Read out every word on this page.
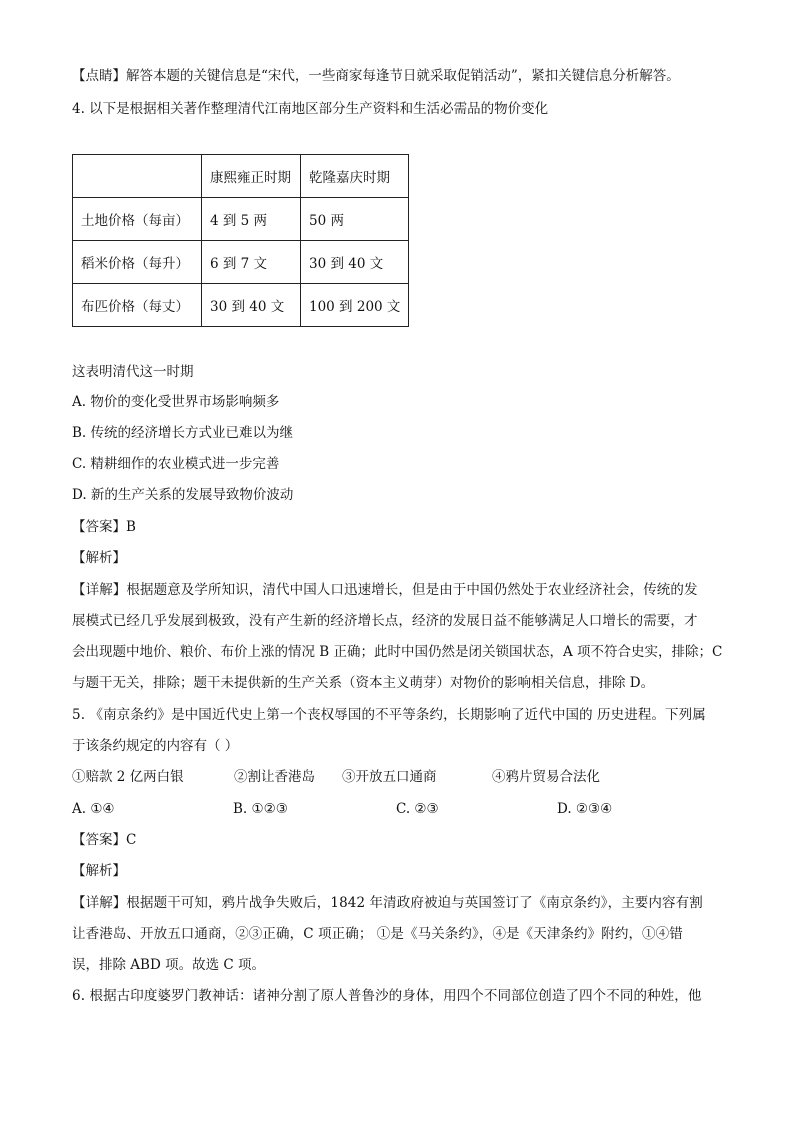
【点睛】解答本题的关键信息是“宋代，一些商家每逢节日就采取促销活动”，紧扣关键信息分析解答。
4. 以下是根据相关著作整理清代江南地区部分生产资料和生活必需品的物价变化
	康熙雍正时期	乾隆嘉庆时期
土地价格（每亩）	4 到 5 两	50 两
稻米价格（每升）	6 到 7 文	30 到 40 文
布匹价格（每丈）	30 到 40 文	100 到 200 文
这表明清代这一时期
A. 物价的变化受世界市场影响频多
B. 传统的经济增长方式业已难以为继
C. 精耕细作的农业模式进一步完善
D. 新的生产关系的发展导致物价波动
【答案】B
【解析】
【详解】根据题意及学所知识，清代中国人口迅速增长，但是由于中国仍然处于农业经济社会，传统的发
展模式已经几乎发展到极致，没有产生新的经济增长点，经济的发展日益不能够满足人口增长的需要，才
会出现题中地价、粮价、布价上涨的情况 B 正确；此时中国仍然是闭关锁国状态，A 项不符合史实，排除；C
与题干无关，排除；题干未提供新的生产关系（资本主义萌芽）对物价的影响相关信息，排除 D。
5. 《南京条约》是中国近代史上第一个丧权辱国的不平等条约，长期影响了近代中国的 历史进程。下列属
于该条约规定的内容有（ ）
①赔款 2 亿两白银	②割让香港岛 ③开放五口通商	④鸦片贸易合法化
A. ①④	B. ①②③	C. ②③	D. ②③④
【答案】C
【解析】
【详解】根据题干可知，鸦片战争失败后，1842 年清政府被迫与英国签订了《南京条约》，主要内容有割
让香港岛、开放五口通商，②③正确，C 项正确； ①是《马关条约》，④是《天津条约》附约，①④错
误，排除 ABD 项。故选 C 项。
6. 根据古印度婆罗门教神话：诸神分割了原人普鲁沙的身体，用四个不同部位创造了四个不同的种姓，他
